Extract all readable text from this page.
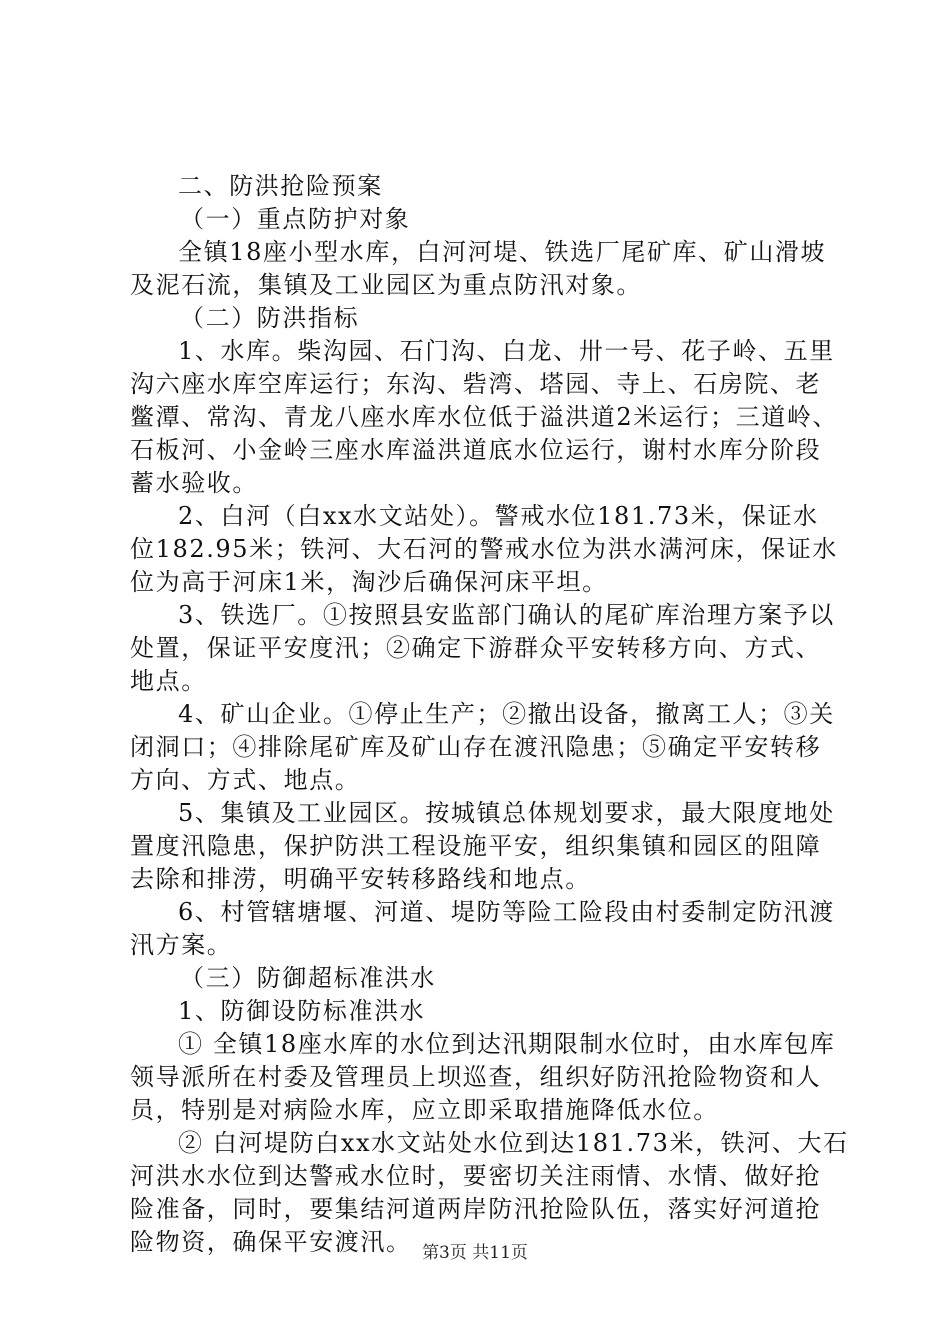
二、防洪抢险预案
（一）重点防护对象
全镇18座小型水库，白河河堤、铁选厂尾矿库、矿山滑坡
及泥石流，集镇及工业园区为重点防汛对象。
（二）防洪指标
1、水库。柴沟园、石门沟、白龙、卅一号、花子岭、五里
沟六座水库空库运行；东沟、砦湾、塔园、寺上、石房院、老
鳖潭、常沟、青龙八座水库水位低于溢洪道2米运行；三道岭、
石板河、小金岭三座水库溢洪道底水位运行，谢村水库分阶段
蓄水验收。
2、白河（白xx水文站处）。警戒水位181.73米，保证水
位182.95米；铁河、大石河的警戒水位为洪水满河床，保证水
位为高于河床1米，淘沙后确保河床平坦。
3、铁选厂。①按照县安监部门确认的尾矿库治理方案予以
处置，保证平安度汛；②确定下游群众平安转移方向、方式、
地点。
4、矿山企业。①停止生产；②撤出设备，撤离工人；③关
闭洞口；④排除尾矿库及矿山存在渡汛隐患；⑤确定平安转移
方向、方式、地点。
5、集镇及工业园区。按城镇总体规划要求，最大限度地处
置度汛隐患，保护防洪工程设施平安，组织集镇和园区的阻障
去除和排涝，明确平安转移路线和地点。
6、村管辖塘堰、河道、堤防等险工险段由村委制定防汛渡
汛方案。
（三）防御超标准洪水
1、防御设防标准洪水
① 全镇18座水库的水位到达汛期限制水位时，由水库包库
领导派所在村委及管理员上坝巡查，组织好防汛抢险物资和人
员，特别是对病险水库，应立即采取措施降低水位。
② 白河堤防白xx水文站处水位到达181.73米，铁河、大石
河洪水水位到达警戒水位时，要密切关注雨情、水情、做好抢
险准备，同时，要集结河道两岸防汛抢险队伍，落实好河道抢
险物资，确保平安渡汛。 第3页 共11页
